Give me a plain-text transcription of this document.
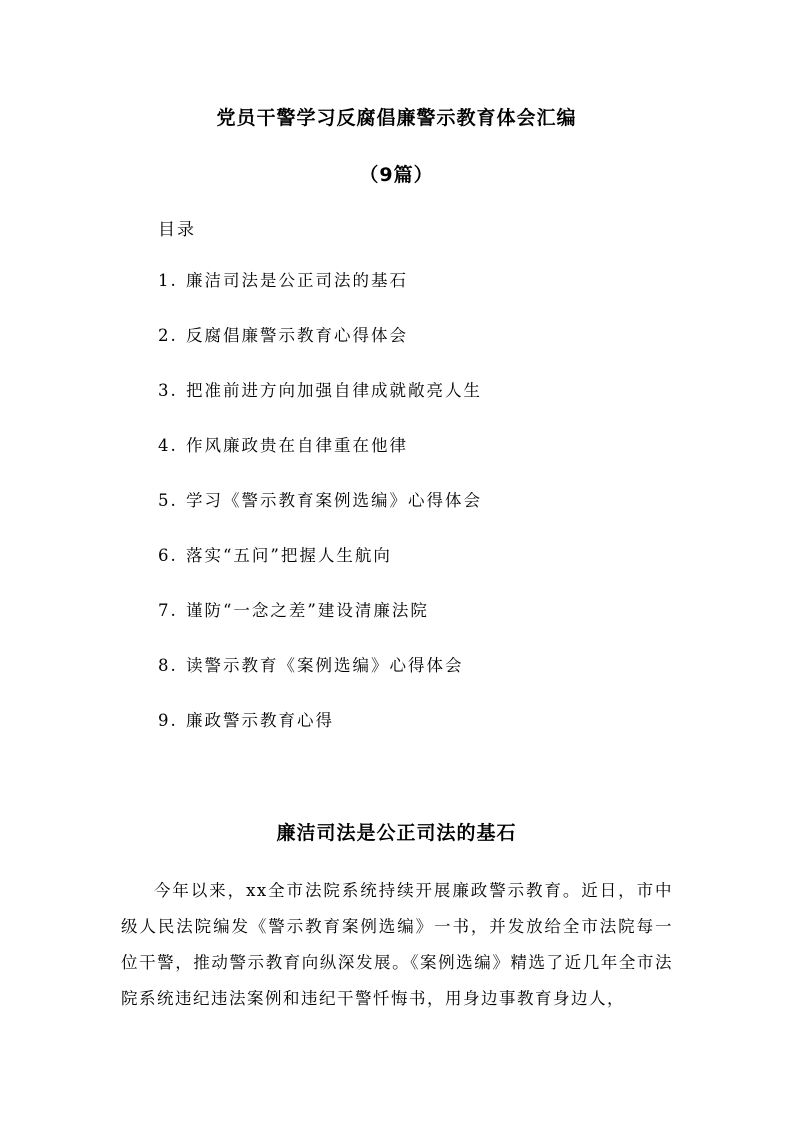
党员干警学习反腐倡廉警示教育体会汇编
（9篇）
目录
1. 廉洁司法是公正司法的基石
2. 反腐倡廉警示教育心得体会
3. 把准前进方向加强自律成就敞亮人生
4. 作风廉政贵在自律重在他律
5. 学习《警示教育案例选编》心得体会
6. 落实“五问”把握人生航向
7. 谨防“一念之差”建设清廉法院
8. 读警示教育《案例选编》心得体会
9. 廉政警示教育心得
廉洁司法是公正司法的基石

今年以来，xx全市法院系统持续开展廉政警示教育。近日，市中级人民法院编发《警示教育案例选编》一书，并发放给全市法院每一位干警，推动警示教育向纵深发展。《案例选编》精选了近几年全市法院系统违纪违法案例和违纪干警忏悔书，用身边事教育身边人，
